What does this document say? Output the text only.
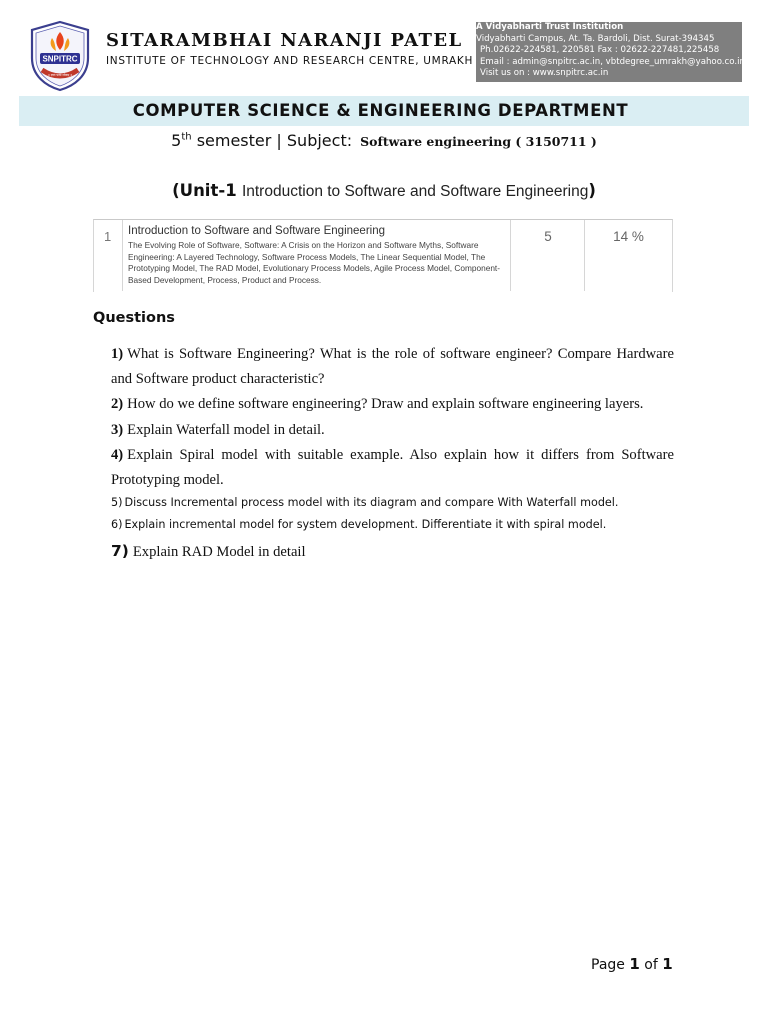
SNPITRC
॥ ज्ञानं परमं ध्येयम् ॥
SITARAMBHAI NARANJI PATEL
INSTITUTE OF TECHNOLOGY AND RESEARCH CENTRE, UMRAKH
A Vidyabharti Trust Institution
Vidyabharti Campus, At. Ta. Bardoli, Dist. Surat-394345
Ph.02622-224581, 220581 Fax : 02622-227481,225458
Email : admin@snpitrc.ac.in, vbtdegree_umrakh@yahoo.co.in
Visit us on : www.snpitrc.ac.in
COMPUTER SCIENCE & ENGINEERING DEPARTMENT
5th semester | Subject: Software engineering ( 3150711 )
(Unit-1 Introduction to Software and Software Engineering)
1 Introduction to Software and Software Engineering
The Evolving Role of Software, Software: A Crisis on the Horizon and Software Myths, Software Engineering: A Layered Technology, Software Process Models, The Linear Sequential Model, The Prototyping Model, The RAD Model, Evolutionary Process Models, Agile Process Model, Component-Based Development, Process, Product and Process.
5	14 %
Questions
1) What is Software Engineering? What is the role of software engineer? Compare Hardware and Software product characteristic?
2) How do we define software engineering? Draw and explain software engineering layers.
3) Explain Waterfall model in detail.
4) Explain Spiral model with suitable example. Also explain how it differs from Software Prototyping model.
5) Discuss Incremental process model with its diagram and compare With Waterfall model.
6) Explain incremental model for system development. Differentiate it with spiral model.
7) Explain RAD Model in detail
Page 1 of 1
